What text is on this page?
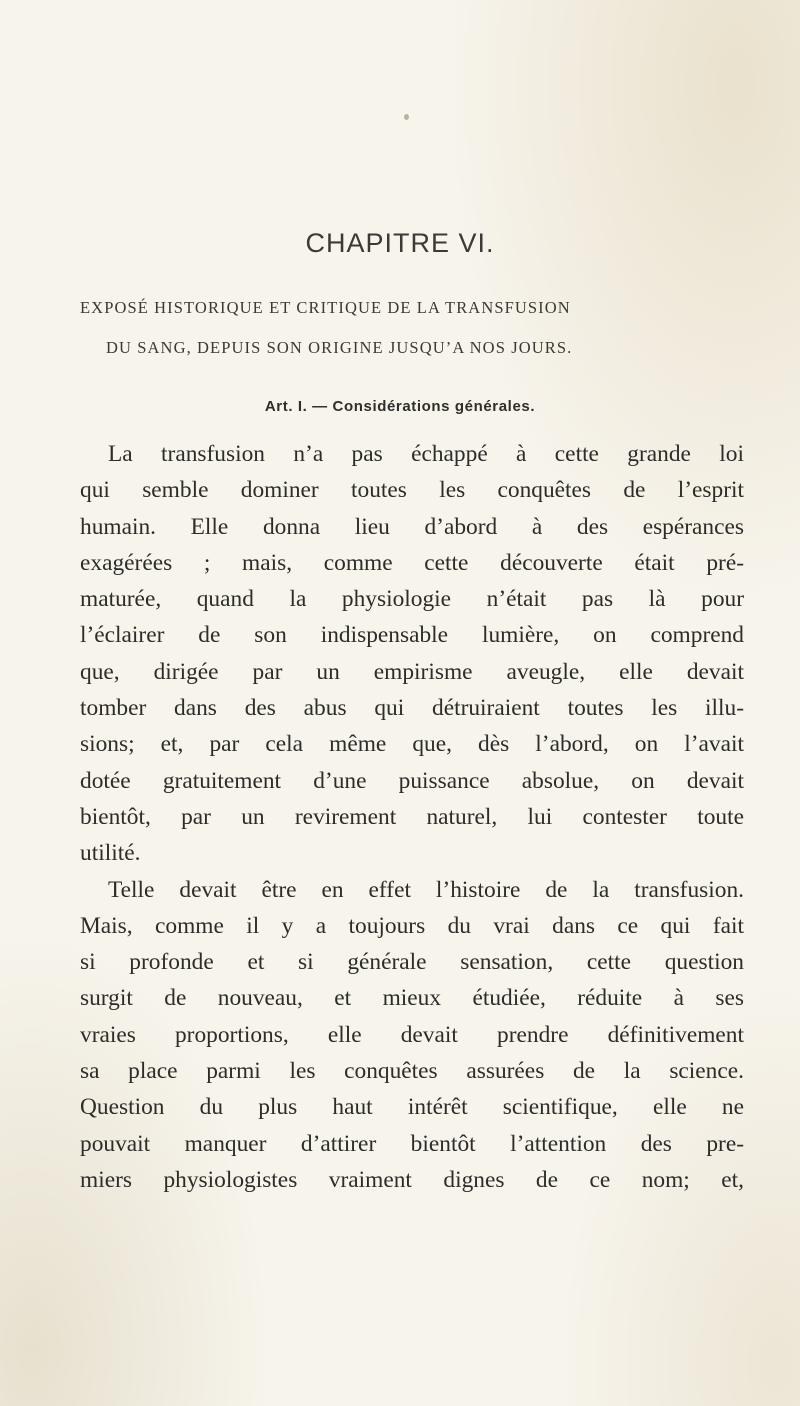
CHAPITRE VI.
EXPOSÉ HISTORIQUE ET CRITIQUE DE LA TRANSFUSION
DU SANG, DEPUIS SON ORIGINE JUSQU’A NOS JOURS.
Art. I. — Considérations générales.
La transfusion n’a pas échappé à cette grande loi
qui semble dominer toutes les conquêtes de l’esprit
humain. Elle donna lieu d’abord à des espérances
exagérées ; mais, comme cette découverte était pré-
maturée, quand la physiologie n’était pas là pour
l’éclairer de son indispensable lumière, on comprend
que, dirigée par un empirisme aveugle, elle devait
tomber dans des abus qui détruiraient toutes les illu-
sions; et, par cela même que, dès l’abord, on l’avait
dotée gratuitement d’une puissance absolue, on devait
bientôt, par un revirement naturel, lui contester toute
utilité.
Telle devait être en effet l’histoire de la transfusion.
Mais, comme il y a toujours du vrai dans ce qui fait
si profonde et si générale sensation, cette question
surgit de nouveau, et mieux étudiée, réduite à ses
vraies proportions, elle devait prendre définitivement
sa place parmi les conquêtes assurées de la science.
Question du plus haut intérêt scientifique, elle ne
pouvait manquer d’attirer bientôt l’attention des pre-
miers physiologistes vraiment dignes de ce nom; et,
